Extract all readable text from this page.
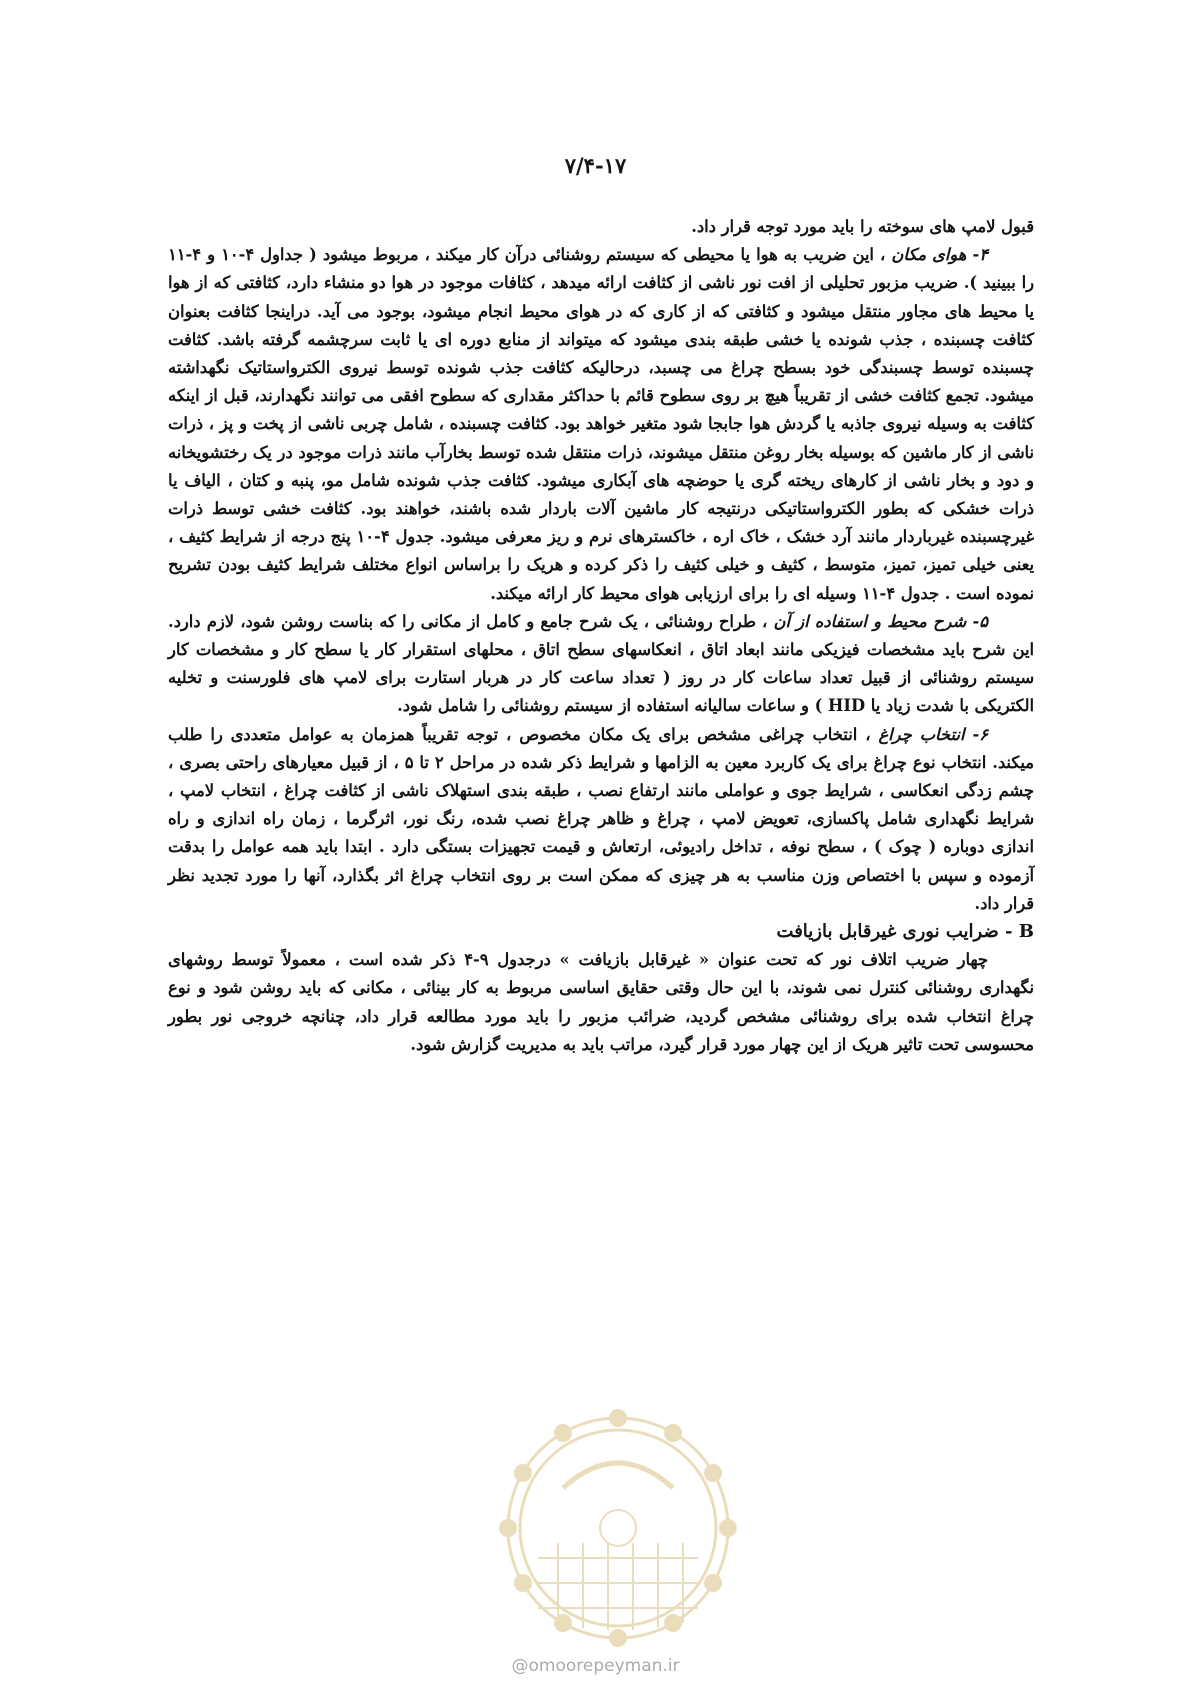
۷/۴-۱۷

قبول لامپ های سوخته را باید مورد توجه قرار داد.

۴- هوای مکان ، این ضریب به هوا یا محیطی که سیستم روشنائی درآن کار میکند ، مربوط میشود ( جداول ۴-۱۰ و ۴-۱۱ را ببینید ). ضریب مزبور تحلیلی از افت نور ناشی از کثافت ارائه میدهد ، کثافات موجود در هوا دو منشاء دارد، کثافتی که از هوا یا محیط های مجاور منتقل میشود و کثافتی که از کاری که در هوای محیط انجام میشود، بوجود می آید. دراینجا کثافت بعنوان کثافت چسبنده ، جذب شونده یا خشی طبقه بندی میشود که میتواند از منابع دوره ای یا ثابت سرچشمه گرفته باشد. کثافت چسبنده توسط چسبندگی خود بسطح چراغ می چسبد، درحالیکه کثافت جذب شونده توسط نیروی الکترواستاتیک نگهداشته میشود. تجمع کثافت خشی از تقریباً هیچ بر روی سطوح قائم با حداکثر مقداری که سطوح افقی می توانند نگهدارند، قبل از اینکه کثافت به وسیله نیروی جاذبه یا گردش هوا جابجا شود متغیر خواهد بود. کثافت چسبنده ، شامل چربی ناشی از پخت و پز ، ذرات ناشی از کار ماشین که بوسیله بخار روغن منتقل میشوند، ذرات منتقل شده توسط بخارآب مانند ذرات موجود در یک رختشویخانه و دود و بخار ناشی از کارهای ریخته گری یا حوضچه های آبکاری میشود. کثافت جذب شونده شامل مو، پنبه و کتان ، الیاف یا ذرات خشکی که بطور الکترواستاتیکی درنتیجه کار ماشین آلات باردار شده باشند، خواهند بود. کثافت خشی توسط ذرات غیرچسبنده غیرباردار مانند آرد خشک ، خاک اره ، خاکسترهای نرم و ریز معرفی میشود. جدول ۴-۱۰ پنج درجه از شرایط کثیف ، یعنی خیلی تمیز، تمیز، متوسط ، کثیف و خیلی کثیف را ذکر کرده و هریک را براساس انواع مختلف شرایط کثیف بودن تشریح نموده است . جدول ۴-۱۱ وسیله ای را برای ارزیابی هوای محیط کار ارائه میکند.

۵- شرح محیط و استفاده از آن ، طراح روشنائی ، یک شرح جامع و کامل از مکانی را که بناست روشن شود، لازم دارد. این شرح باید مشخصات فیزیکی مانند ابعاد اتاق ، انعکاسهای سطح اتاق ، محلهای استقرار کار یا سطح کار و مشخصات کار سیستم روشنائی از قبیل تعداد ساعات کار در روز ( تعداد ساعت کار در هربار استارت برای لامپ های فلورسنت و تخلیه الکتریکی با شدت زیاد یا HID ) و ساعات سالیانه استفاده از سیستم روشنائی را شامل شود.

۶- انتخاب چراغ ، انتخاب چراغی مشخص برای یک مکان مخصوص ، توجه تقریباً همزمان به عوامل متعددی را طلب میکند. انتخاب نوع چراغ برای یک کاربرد معین به الزامها و شرایط ذکر شده در مراحل ۲ تا ۵ ، از قبیل معیارهای راحتی بصری ، چشم زدگی انعکاسی ، شرایط جوی و عواملی مانند ارتفاع نصب ، طبقه بندی استهلاک ناشی از کثافت چراغ ، انتخاب لامپ ، شرایط نگهداری شامل پاکسازی، تعویض لامپ ، چراغ و ظاهر چراغ نصب شده، رنگ نور، اثرگرما ، زمان راه اندازی و راه اندازی دوباره ( چوک ) ، سطح نوفه ، تداخل رادیوئی، ارتعاش و قیمت تجهیزات بستگی دارد . ابتدا باید همه عوامل را بدقت آزموده و سپس با اختصاص وزن مناسب به هر چیزی که ممکن است بر روی انتخاب چراغ اثر بگذارد، آنها را مورد تجدید نظر قرار داد.

B - ضرایب نوری غیرقابل بازیافت

چهار ضریب اتلاف نور که تحت عنوان « غیرقابل بازیافت » درجدول ۹-۴ ذکر شده است ، معمولاً توسط روشهای نگهداری روشنائی کنترل نمی شوند، با این حال وقتی حقایق اساسی مربوط به کار بینائی ، مکانی که باید روشن شود و نوع چراغ انتخاب شده برای روشنائی مشخص گردید، ضرائب مزبور را باید مورد مطالعه قرار داد، چنانچه خروجی نور بطور محسوسی تحت تاثیر هریک از این چهار مورد قرار گیرد، مراتب باید به مدیریت گزارش شود.

@omoorepeyman.ir
